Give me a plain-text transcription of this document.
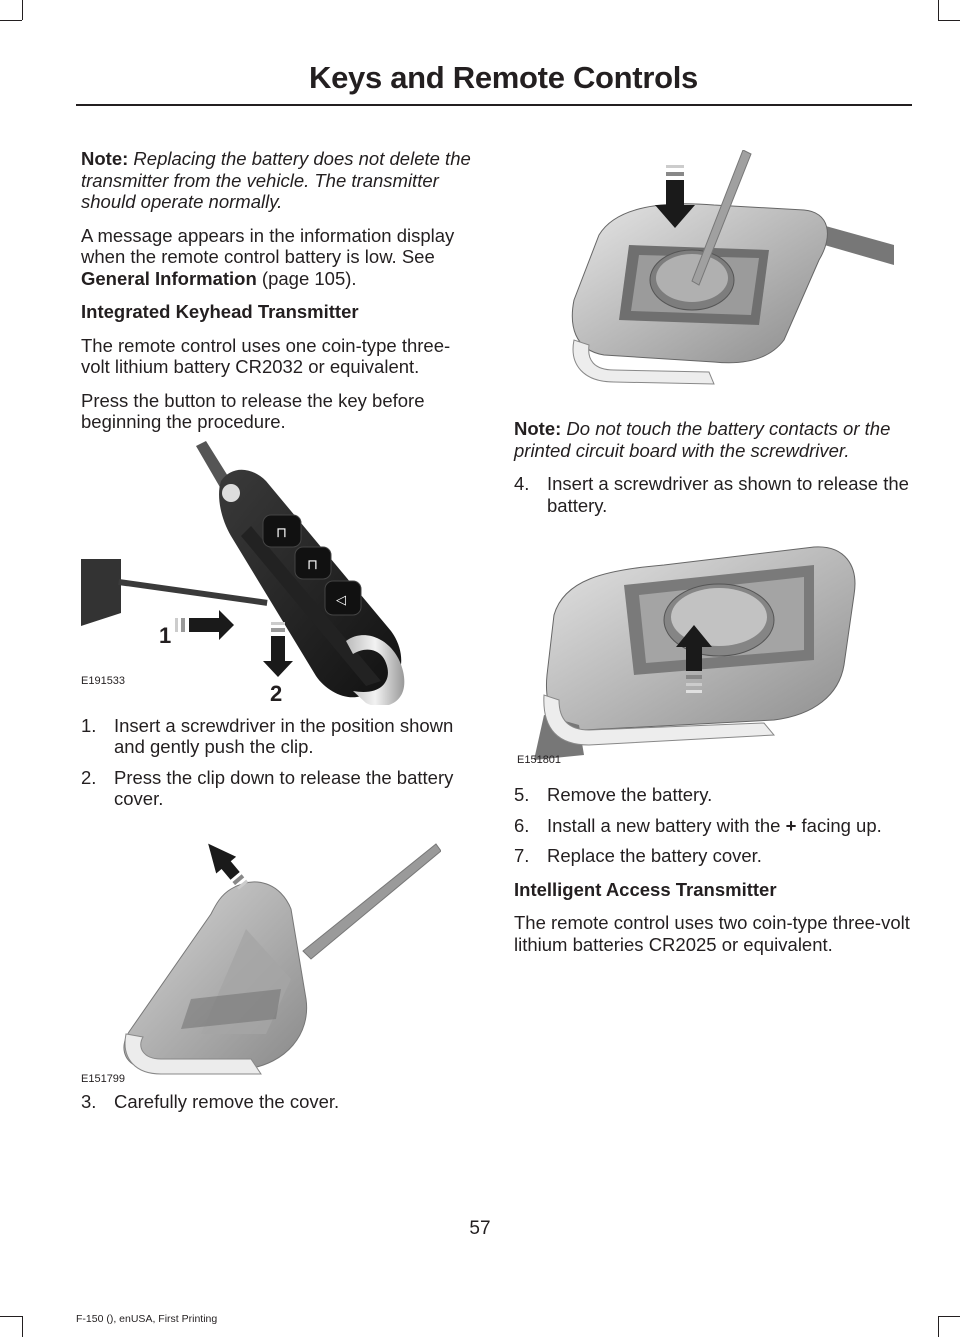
Keys and Remote Controls

Note: Replacing the battery does not delete the transmitter from the vehicle. The transmitter should operate normally.

A message appears in the information display when the remote control battery is low. See General Information (page 105).

Integrated Keyhead Transmitter

The remote control uses one coin-type three-volt lithium battery CR2032 or equivalent.

Press the button to release the key before beginning the procedure.

⊓
⊓
◁
1
2
E191533
1. Insert a screwdriver in the position shown and gently push the clip.
2. Press the clip down to release the battery cover.
E151799
3. Carefully remove the cover.

Note: Do not touch the battery contacts or the printed circuit board with the screwdriver.

4. Insert a screwdriver as shown to release the battery.
E151801
5. Remove the battery.
6. Install a new battery with the + facing up.
7. Replace the battery cover.

Intelligent Access Transmitter

The remote control uses two coin-type three-volt lithium batteries CR2025 or equivalent.

57
F-150 (), enUSA, First Printing
